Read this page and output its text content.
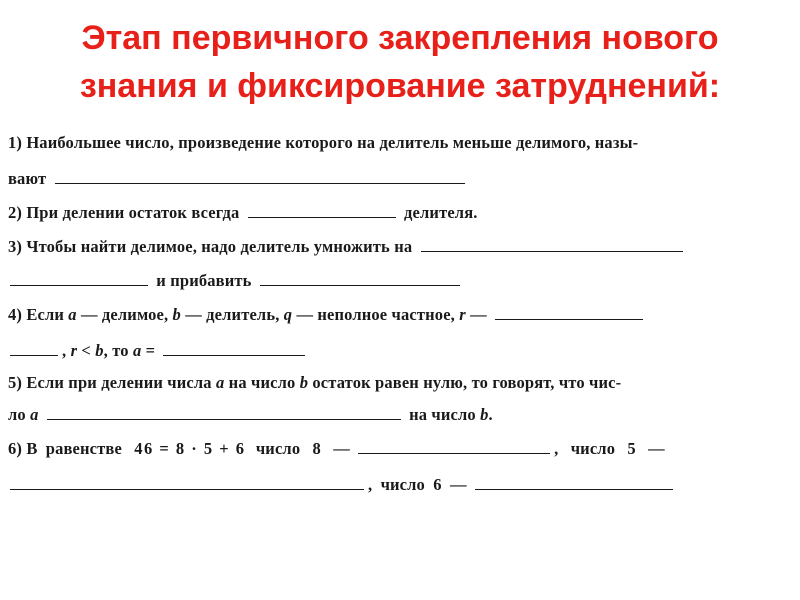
Этап первичного закрепления нового
знания и фиксирование затруднений:
1) Наибольшее число, произведение которого на делитель меньше делимого, назы-
вают
2) При делении остаток всегда	делителя.
3) Чтобы найти делимое, надо делитель умножить на
и прибавить
4) Если a — делимое, b — делитель, q — неполное частное, r —
, r < b, то a =
5) Если при делении числа a на число b остаток равен нулю, то говорят, что чис-
ло a	на число b.
6) В равенстве 46 = 8 · 5 + 6 число 8 —	, число 5 —
, число 6 —
